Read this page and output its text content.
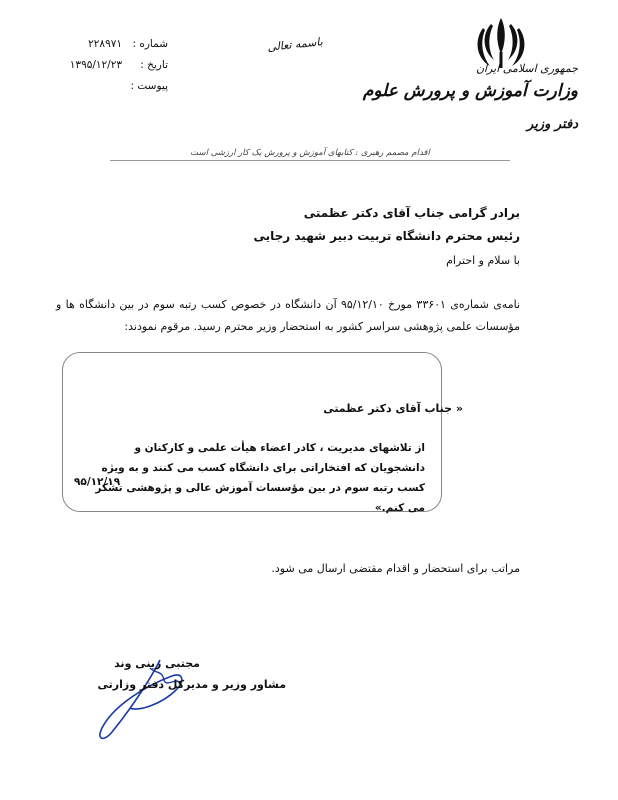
شماره :
۲۲۸۹۷۱
تاریخ :
۱۳۹۵/۱۲/۲۳
پیوست :
باسمه تعالی
جمهوری اسلامی ایران
وزارت آموزش و پرورش علوم
دفتر وزیر
اقدام مصمم رهبری : کتابهای آموزش و پرورش یک کار ارزشی است
برادر گرامی جناب آقای دکتر عظمتی
رئیس محترم دانشگاه تربیت دبیر شهید رجایی
با سلام و احترام
نامه‌ی شماره‌ی ۳۳۶۰۱ مورخ ۹۵/۱۲/۱۰ آن دانشگاه در خصوص کسب رتبه سوم در بین دانشگاه ها و مؤسسات علمی پژوهشی سراسر کشور به استحضار وزیر محترم رسید. مرقوم نمودند:
« جناب آقای دکتر عظمتی
از تلاشهای مدیریت ، کادر اعضاء هیأت علمی و کارکنان و دانشجویان که افتخاراتی برای دانشگاه کسب می کنند و به ویژه کسب رتبه سوم در بین مؤسسات آموزش عالی و پژوهشی تشکر می کنم.»
۹۵/۱۲/۱۹
مراتب برای استحضار و اقدام مقتضی ارسال می شود.
مجتبی زینی وند
مشاور وزیر و مدیرکل دفتر وزارتی
